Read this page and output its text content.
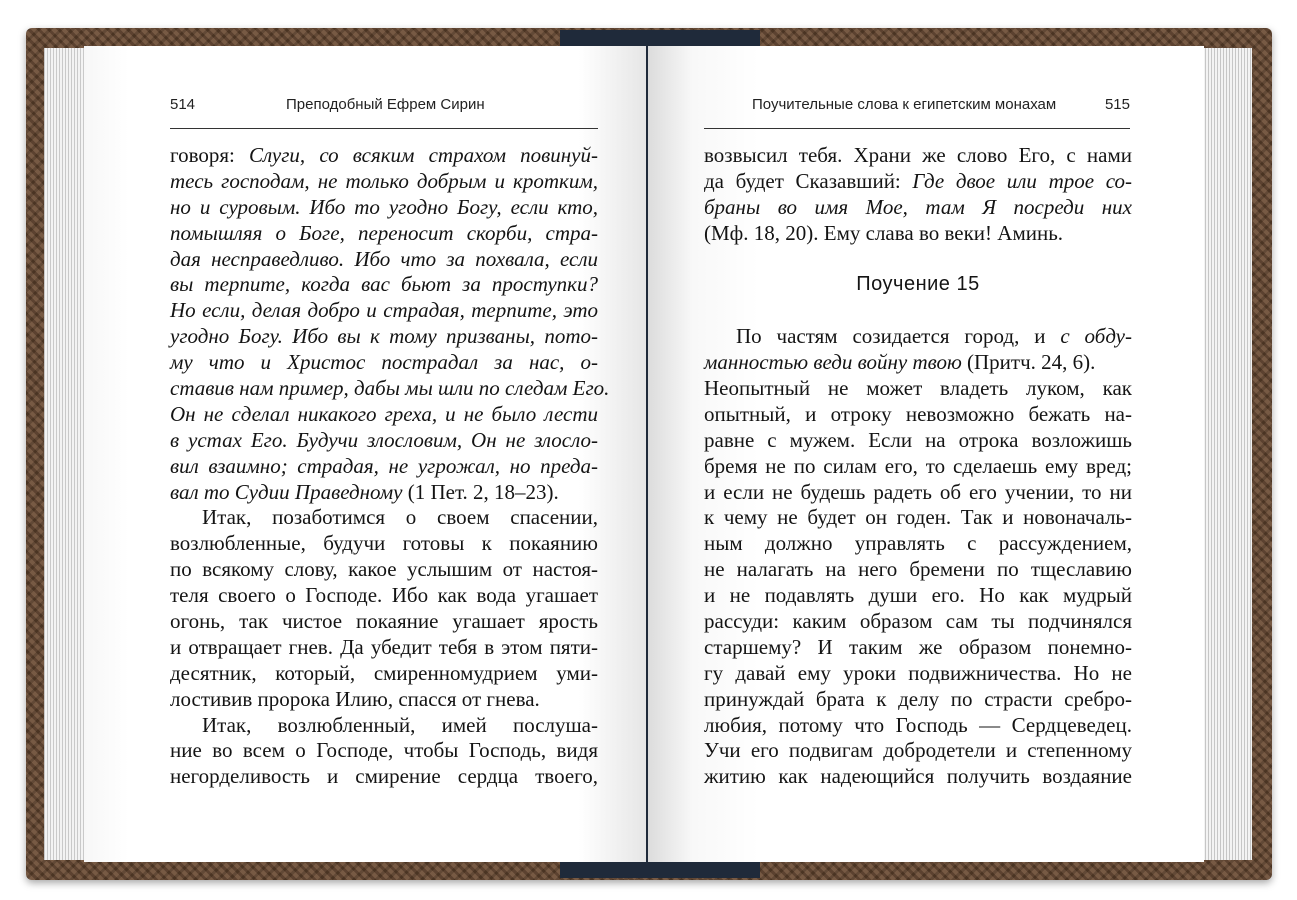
514	Преподобный Ефрем Сирин	Поучительные слова к египетским монахам	515
говоря: Слуги, со всяким страхом повинуй-
тесь господам, не только добрым и кротким,
но и суровым. Ибо то угодно Богу, если кто,
помышляя о Боге, переносит скорби, стра-
дая несправедливо. Ибо что за похвала, если
вы терпите, когда вас бьют за проступки?
Но если, делая добро и страдая, терпите, это
угодно Богу. Ибо вы к тому призваны, пото-
му что и Христос пострадал за нас, о-
ставив нам пример, дабы мы шли по следам Его.
Он не сделал никакого греха, и не было лести
в устах Его. Будучи злословим, Он не злосло-
вил взаимно; страдая, не угрожал, но преда-
вал то Судии Праведному (1 Пет. 2, 18–23).
Итак, позаботимся о своем спасении,
возлюбленные, будучи готовы к покаянию
по всякому слову, какое услышим от настоя-
теля своего о Господе. Ибо как вода угашает
огонь, так чистое покаяние угашает ярость
и отвращает гнев. Да убедит тебя в этом пяти-
десятник, который, смиренномудрием уми-
лостивив пророка Илию, спасся от гнева.
Итак, возлюбленный, имей послуша-
ние во всем о Господе, чтобы Господь, видя
негорделивость и смирение сердца твоего,
возвысил тебя. Храни же слово Его, с нами
да будет Сказавший: Где двое или трое со-
браны во имя Мое, там Я посреди них
(Мф. 18, 20). Ему слава во веки! Аминь.

Поучение 15

По частям созидается город, и с обду-
манностью веди войну твою (Притч. 24, 6).
Неопытный не может владеть луком, как
опытный, и отроку невозможно бежать на-
равне с мужем. Если на отрока возложишь
бремя не по силам его, то сделаешь ему вред;
и если не будешь радеть об его учении, то ни
к чему не будет он годен. Так и новоначаль-
ным должно управлять с рассуждением,
не налагать на него бремени по тщеславию
и не подавлять души его. Но как мудрый
рассуди: каким образом сам ты подчинялся
старшему? И таким же образом понемно-
гу давай ему уроки подвижничества. Но не
принуждай брата к делу по страсти сребро-
любия, потому что Господь — Сердцеведец.
Учи его подвигам добродетели и степенному
житию как надеющийся получить воздаяние
